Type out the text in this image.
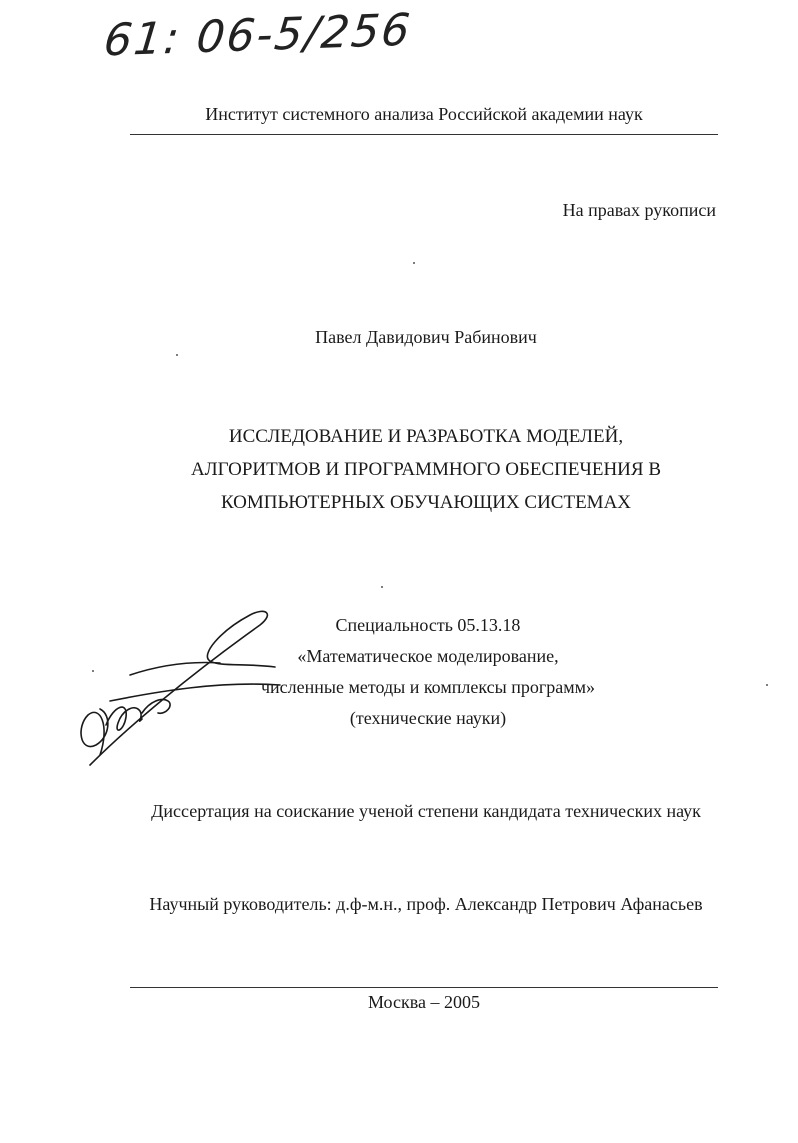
61: 06-5/256
Институт системного анализа Российской академии наук
На правах рукописи
Павел Давидович Рабинович
ИССЛЕДОВАНИЕ И РАЗРАБОТКА МОДЕЛЕЙ,
АЛГОРИТМОВ И ПРОГРАММНОГО ОБЕСПЕЧЕНИЯ В
КОМПЬЮТЕРНЫХ ОБУЧАЮЩИХ СИСТЕМАХ
Специальность 05.13.18
«Математическое моделирование,
численные методы и комплексы программ»
(технические науки)
Диссертация на соискание ученой степени кандидата технических наук
Научный руководитель: д.ф-м.н., проф. Александр Петрович Афанасьев
Москва – 2005
